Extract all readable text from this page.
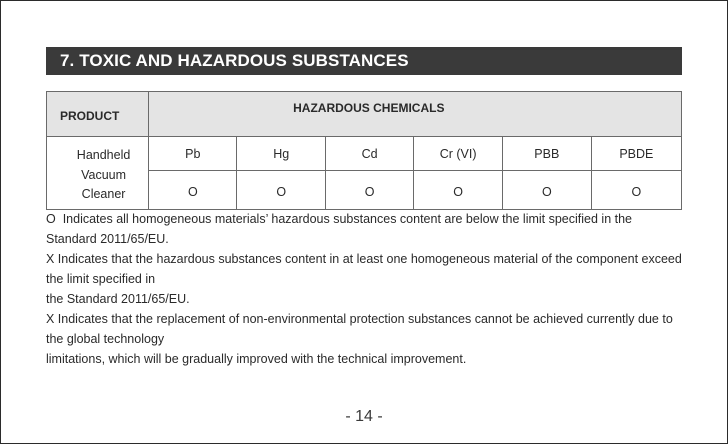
7. TOXIC AND HAZARDOUS SUBSTANCES
PRODUCT	HAZARDOUS CHEMICALS					

Handheld
Vacuum
Cleaner	Pb	Hg	Cd	Cr (VI)	PBB	PBDE
	O	O	O	O	O	O

O Indicates all homogeneous materials’ hazardous substances content are below the limit specified in the Standard 2011/65/EU.

X Indicates that the hazardous substances content in at least one homogeneous material of the component exceed the limit specified in

the Standard 2011/65/EU.

X Indicates that the replacement of non-environmental protection substances cannot be achieved currently due to the global technology

limitations, which will be gradually improved with the technical improvement.

- 14 -
